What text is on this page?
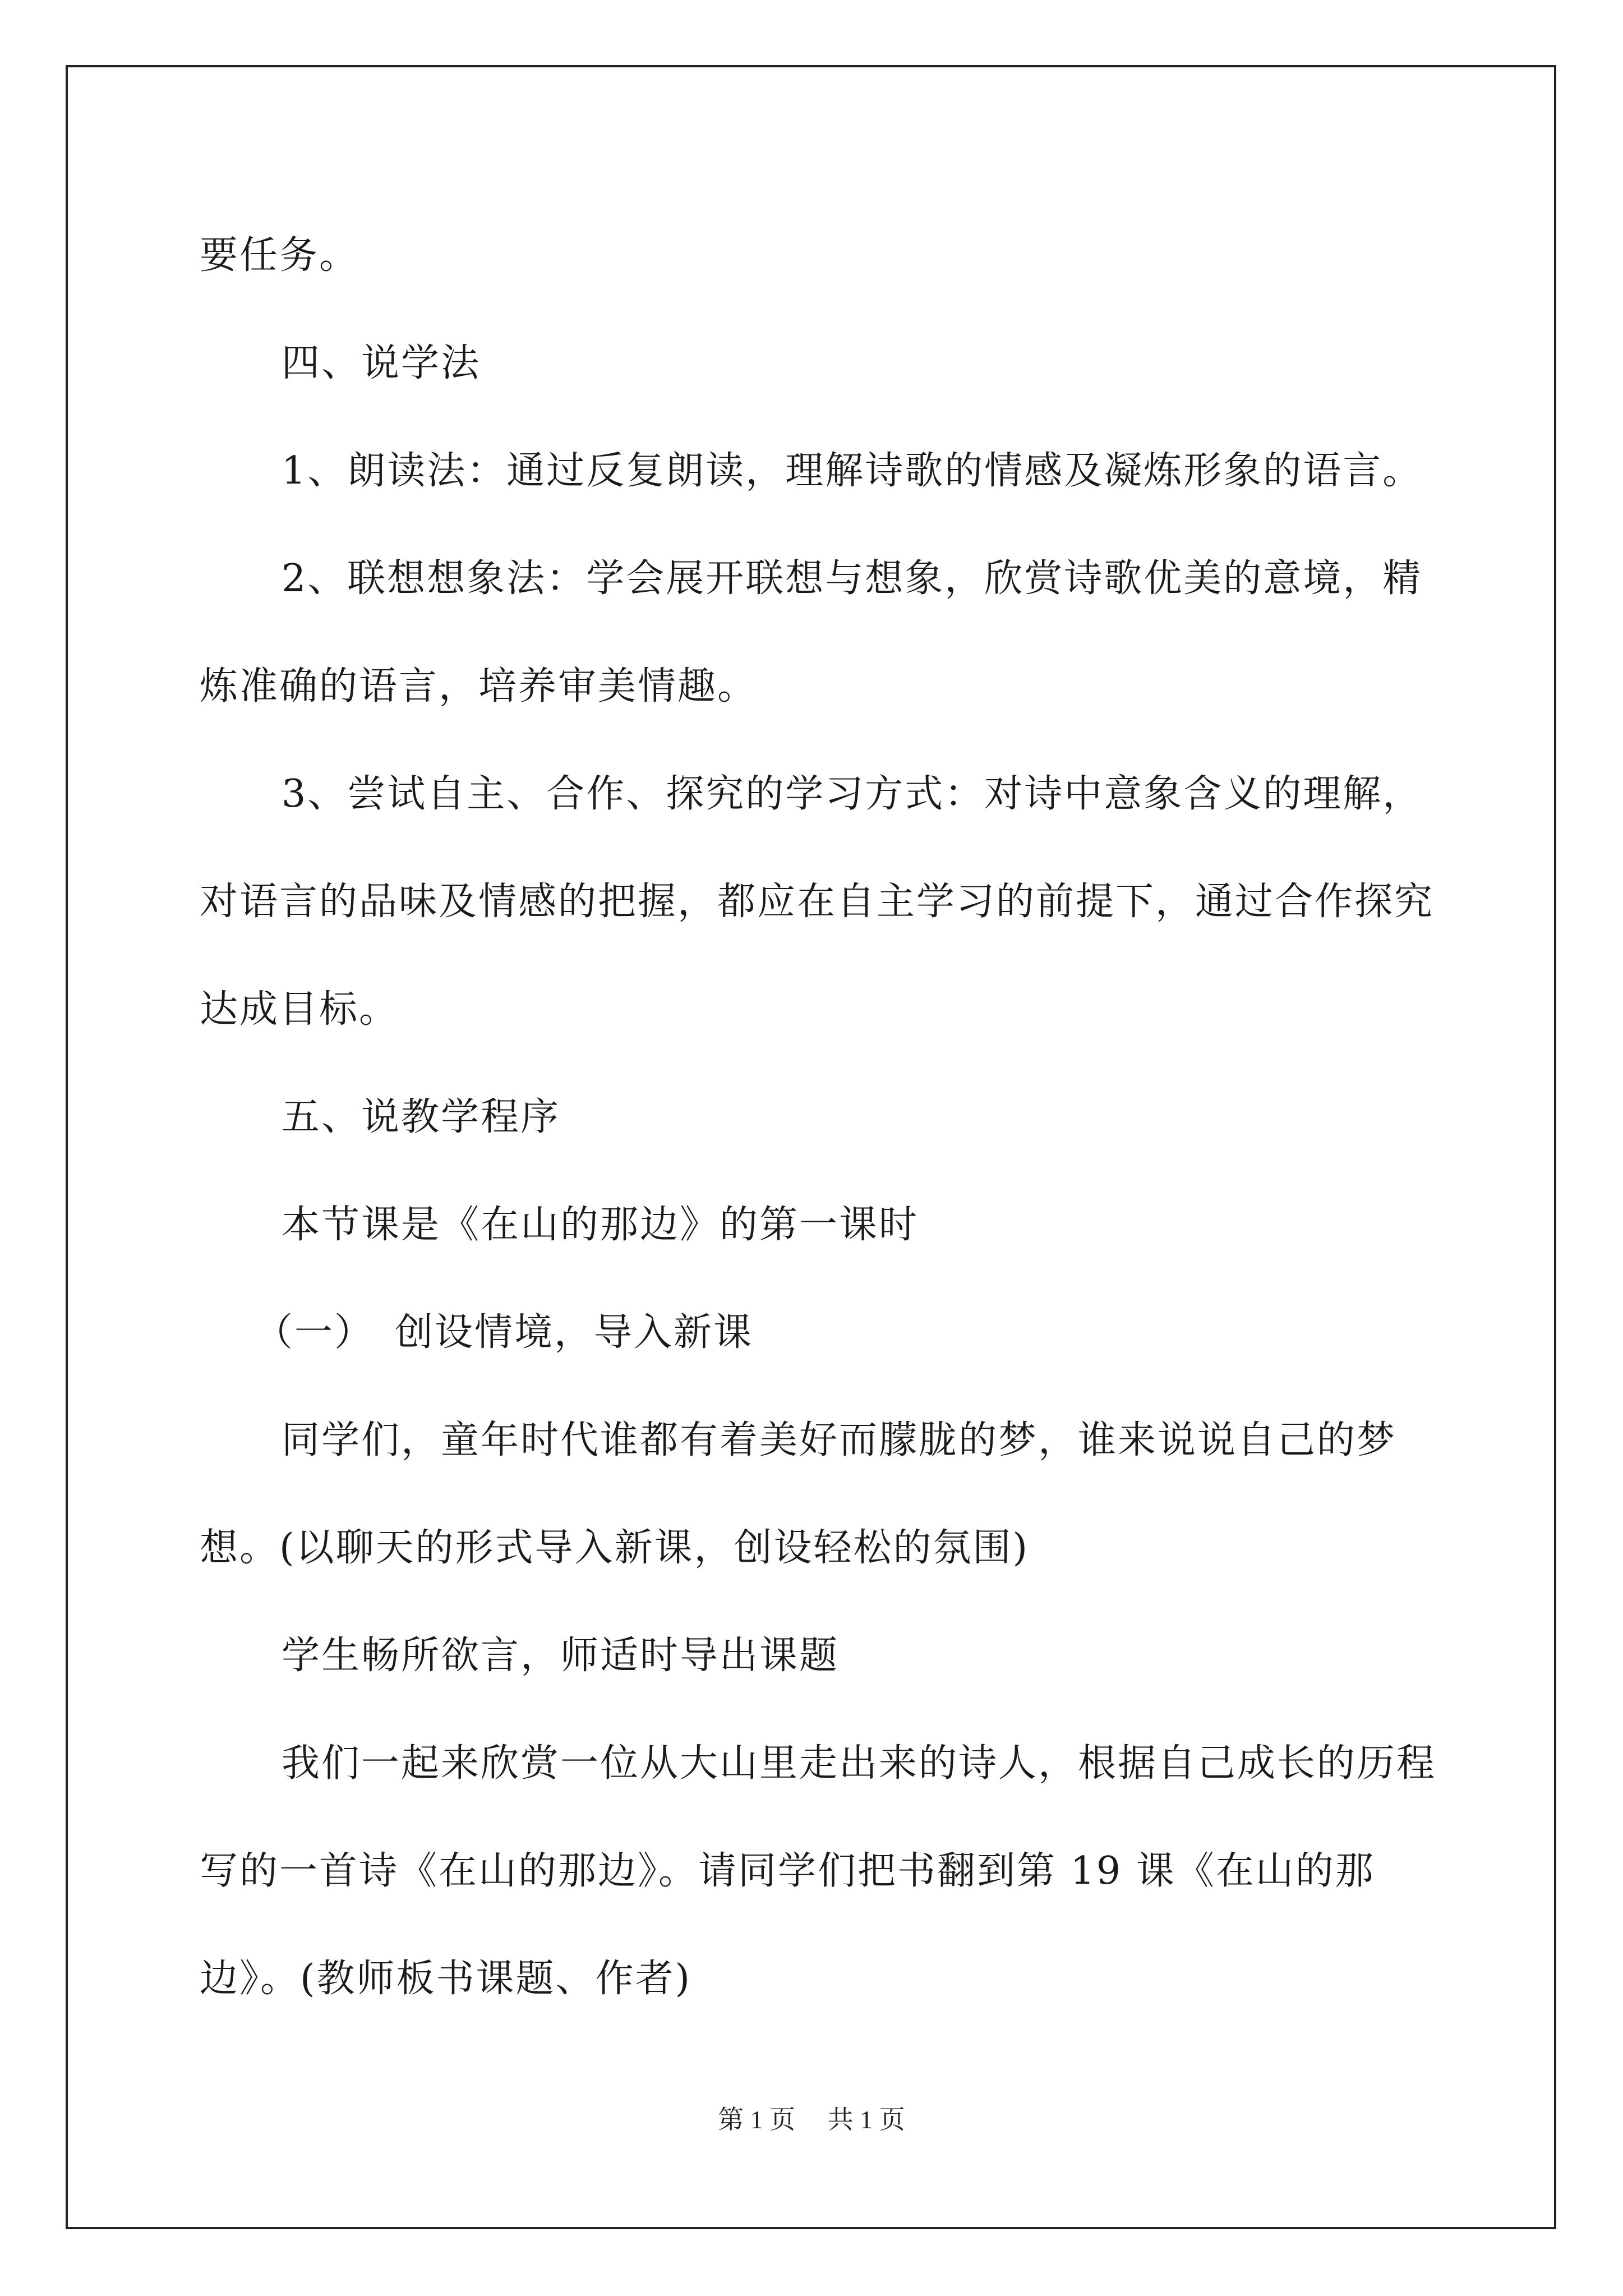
要任务。

四、说学法

1、朗读法：通过反复朗读，理解诗歌的情感及凝炼形象的语言。

2、联想想象法：学会展开联想与想象，欣赏诗歌优美的意境，精炼准确的语言，培养审美情趣。

3、尝试自主、合作、探究的学习方式：对诗中意象含义的理解，对语言的品味及情感的把握，都应在自主学习的前提下，通过合作探究达成目标。

五、说教学程序

本节课是《在山的那边》的第一课时

（一）　创设情境，导入新课

同学们，童年时代谁都有着美好而朦胧的梦，谁来说说自己的梦想。(以聊天的形式导入新课，创设轻松的氛围)

学生畅所欲言，师适时导出课题

我们一起来欣赏一位从大山里走出来的诗人，根据自己成长的历程写的一首诗《在山的那边》。请同学们把书翻到第 19 课《在山的那边》。(教师板书课题、作者)

第 1 页　 共 1 页
